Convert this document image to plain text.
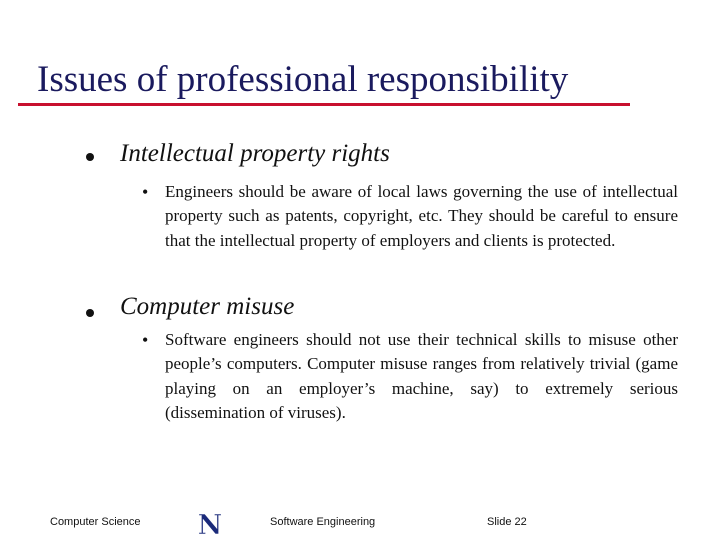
Issues of professional responsibility
Intellectual property rights
• Engineers should be aware of local laws governing the use of intellectual property such as patents, copyright, etc. They should be careful to ensure that the intellectual property of employers and clients is protected.
Computer misuse
• Software engineers should not use their technical skills to misuse other people’s computers. Computer misuse ranges from relatively trivial (game playing on an employer’s machine, say) to extremely serious (dissemination of viruses).
Computer Science N	Software Engineering	Slide 22
